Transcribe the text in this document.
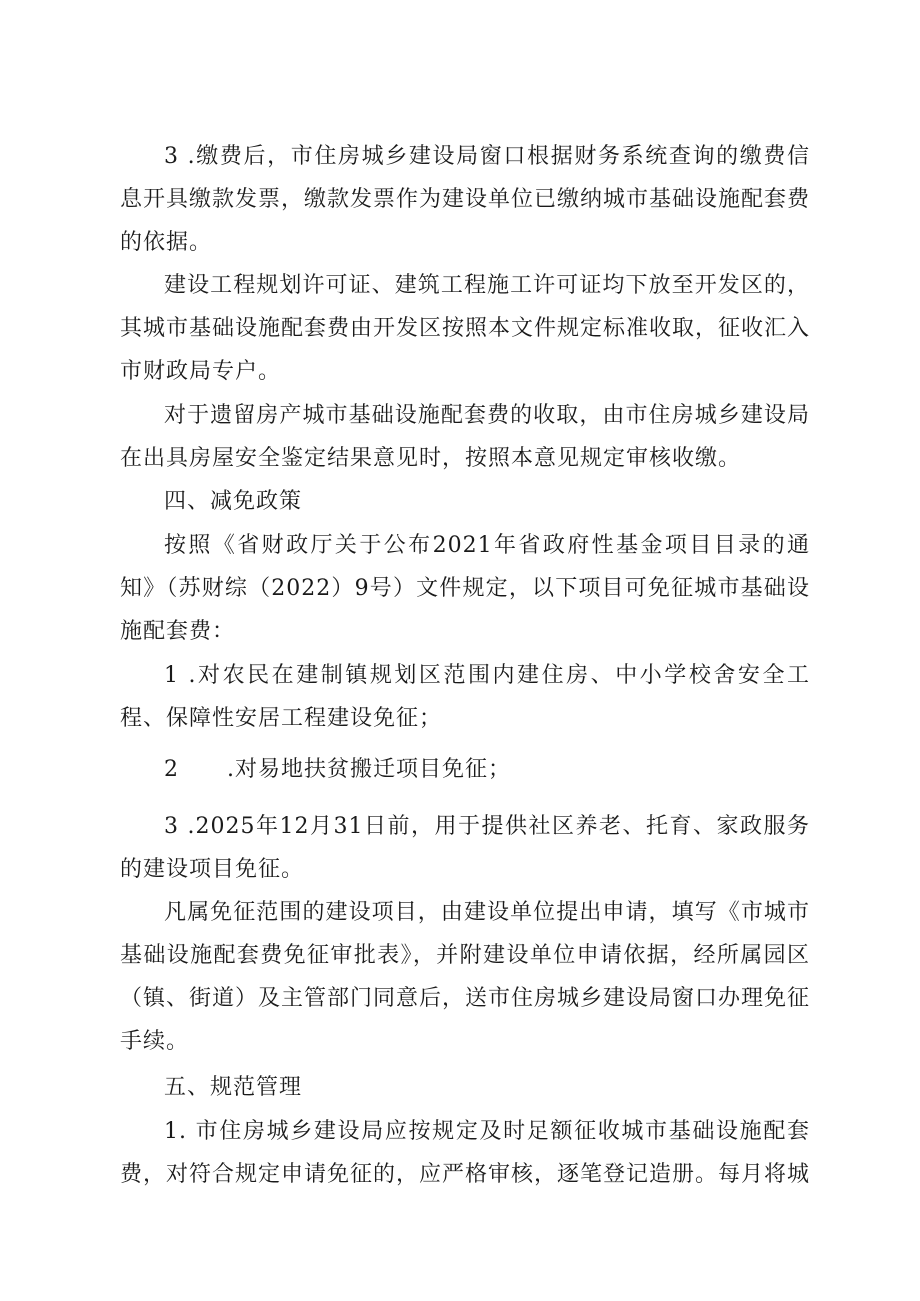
3 .缴费后，市住房城乡建设局窗口根据财务系统查询的缴费信息开具缴款发票，缴款发票作为建设单位已缴纳城市基础设施配套费的依据。

建设工程规划许可证、建筑工程施工许可证均下放至开发区的，其城市基础设施配套费由开发区按照本文件规定标准收取，征收汇入市财政局专户。

对于遗留房产城市基础设施配套费的收取，由市住房城乡建设局在出具房屋安全鉴定结果意见时，按照本意见规定审核收缴。

四、减免政策

按照《省财政厅关于公布2021年省政府性基金项目目录的通知》（苏财综（2022）9号）文件规定，以下项目可免征城市基础设施配套费：

1 .对农民在建制镇规划区范围内建住房、中小学校舍安全工程、保障性安居工程建设免征；

2      .对易地扶贫搬迁项目免征；

3 .2025年12月31日前，用于提供社区养老、托育、家政服务的建设项目免征。

凡属免征范围的建设项目，由建设单位提出申请，填写《市城市基础设施配套费免征审批表》，并附建设单位申请依据，经所属园区（镇、街道）及主管部门同意后，送市住房城乡建设局窗口办理免征手续。

五、规范管理

1. 市住房城乡建设局应按规定及时足额征收城市基础设施配套费，对符合规定申请免征的，应严格审核，逐笔登记造册。每月将城
